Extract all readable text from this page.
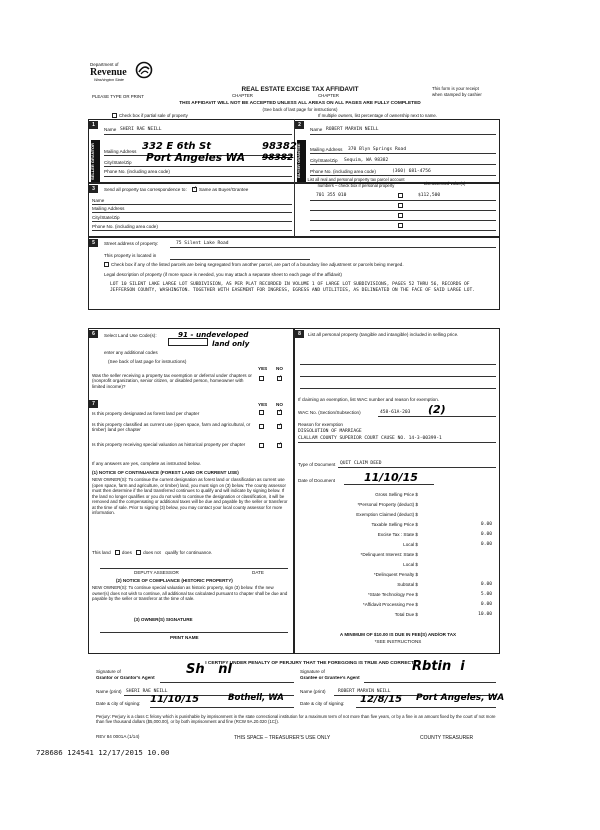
Department of
Revenue
Washington State
REAL ESTATE EXCISE TAX AFFIDAVIT
CHAPTER	CHAPTER
PLEASE TYPE OR PRINT
This form is your receipt
when stamped by cashier
THIS AFFIDAVIT WILL NOT BE ACCEPTED UNLESS ALL AREAS ON ALL PAGES ARE FULLY COMPLETED
(See back of last page for instructions)
Check box if partial sale of property	If multiple owners, list percentage of ownership next to name.
1	2
SELLER GRANTOR	BUYER GRANTEE
Name SHERI RAE NEILL
Mailing Address 332 E 6th St	98382
City/State/Zip Port Angeles WA 98382
Phone No. (including area code)
Name ROBERT MARVIN NEILL
Mailing Address 370 Blyn Springs Road
City/State/Zip Sequim, WA 98382
Phone No. (including area code)	(360) 681-4756
3	Send all property tax correspondence to: ✓	Same as Buyer/Grantee
Name
Mailing Address
City/State/Zip
Phone No. (including area code)
List all real and personal property tax parcel account
numbers – check box if personal property	List assessed value(s)
701 355 010	$112,500
5	Street address of property:	75 Silent Lake Road
This property is located in
Check box if any of the listed parcels are being segregated from another parcel, are part of a boundary line adjustment or parcels being merged.
Legal description of property (if more space is needed, you may attach a separate sheet to each page of the affidavit)
LOT 10 SILENT LAKE LARGE LOT SUBDIVISION, AS PER PLAT RECORDED IN VOLUME 1 OF LARGE LOT SUBDIVISIONS, PAGES 52 THRU 56, RECORDS OF JEFFERSON COUNTY, WASHINGTON. TOGETHER WITH EASEMENT FOR INGRESS, EGRESS AND UTILITIES, AS DELINEATED ON THE FACE OF SAID LARGE LOT.
6	Select Land Use Code(s):	91 - undeveloped
land only
enter any additional codes
(See back of last page for instructions)
YES NO
Was the seller receiving a property tax exemption or deferral under chapters or (nonprofit organization, senior citizen, or disabled person, homeowner with limited income)?
✓
7	YES NO
Is this property designated as forest land per chapter
✓
Is this property classified as current use (open space, farm and agricultural, or timber) land per chapter
✓
Is this property receiving special valuation as historical property per chapter
✓
If any answers are yes, complete as instructed below.
(1) NOTICE OF CONTINUANCE (FOREST LAND OR CURRENT USE)
NEW OWNER(S): To continue the current designation as forest land or classification as current use (open space, farm and agriculture, or timber) land, you must sign on (3) below. The county assessor must then determine if the land transferred continues to qualify and will indicate by signing below. If the land no longer qualifies or you do not wish to continue the designation or classification, it will be removed and the compensating or additional taxes will be due and payable by the seller or transferor at the time of sale. Prior to signing (3) below, you may contact your local county assessor for more information.
This land does does not qualify for continuance.
DEPUTY ASSESSOR	DATE
(2) NOTICE OF COMPLIANCE (HISTORIC PROPERTY)
NEW OWNER(S): To continue special valuation as historic property, sign (3) below. If the new owner(s) does not wish to continue, all additional tax calculated pursuant to chapter shall be due and payable by the seller or transferor at the time of sale.
(3) OWNER(S) SIGNATURE
PRINT NAME
8	List all personal property (tangible and intangible) included in selling price.
If claiming an exemption, list WAC number and reason for exemption.
WAC No. (Section/Subsection)	458-61A-203 (2)
Reason for exemption
DISSOLUTION OF MARRIAGE
CLALLAM COUNTY SUPERIOR COURT CAUSE NO. 14-3-00399-1
Type of Document QUIT CLAIM DEED
Date of Document	11/10/15
Gross Selling Price $
*Personal Property (deduct) $
Exemption Claimed (deduct) $
Taxable Selling Price $	0.00
Excise Tax : State $	0.00
Local $	0.00
*Delinquent Interest: State $
Local $
*Delinquent Penalty $
Subtotal $	0.00
*State Technology Fee $	5.00
*Affidavit Processing Fee $	0.00
Total Due $	10.00
A MINIMUM OF $10.00 IS DUE IN FEE(S) AND/OR TAX
*SEE INSTRUCTIONS
I CERTIFY UNDER PENALTY OF PERJURY THAT THE FOREGOING IS TRUE AND CORRECT.
Signature of
Grantor or Grantor's Agent
Sh   nl
Name (print) SHERI RAE NEILL
Date & city of signing: 11/10/15	Bothell, WA
Signature of
Grantee or Grantee's Agent
Rbtin  i
Name (print)	ROBERT MARVIN NEILL
Date & city of signing: 12/8/15 Port Angeles, WA
Perjury: Perjury is a class C felony which is punishable by imprisonment in the state correctional institution for a maximum term of not more than five years, or by a fine in an amount fixed by the court of not more than five thousand dollars ($5,000.00), or by both imprisonment and fine (RCW 9A.20.020 (1C)).
REV 84 0001A (1/14)	THIS SPACE – TREASURER'S USE ONLY	COUNTY TREASURER
728686 124541 12/17/2015 10.00
